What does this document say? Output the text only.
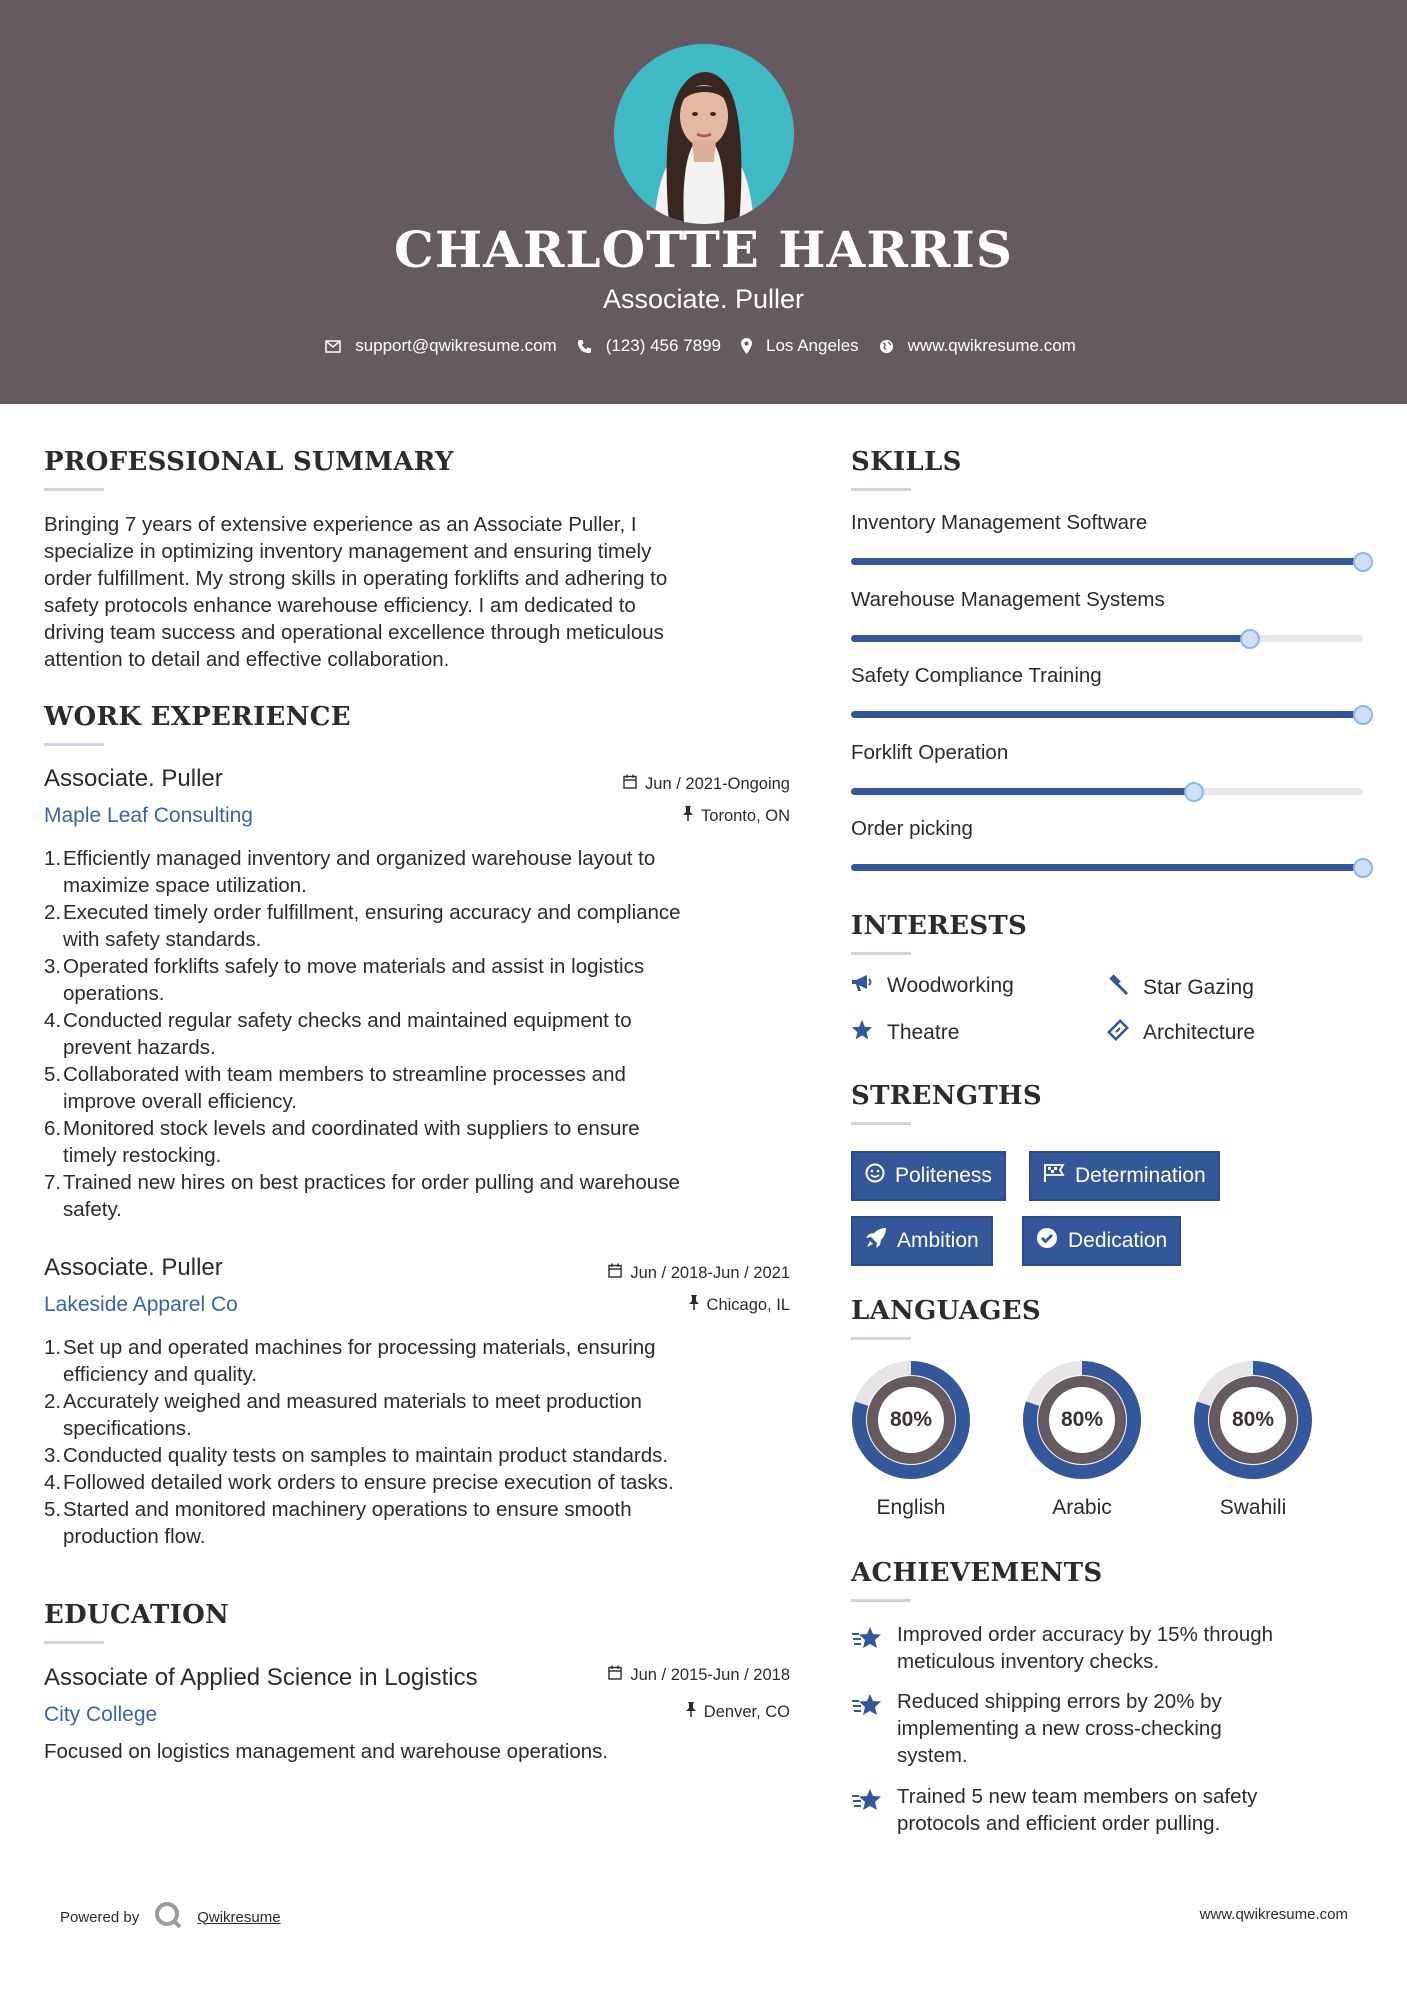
CHARLOTTE HARRIS
Associate. Puller
support@qwikresume.com	(123) 456 7899	Los Angeles	www.qwikresume.com
PROFESSIONAL SUMMARY
Bringing 7 years of extensive experience as an Associate Puller, I
specialize in optimizing inventory management and ensuring timely
order fulfillment. My strong skills in operating forklifts and adhering to
safety protocols enhance warehouse efficiency. I am dedicated to
driving team success and operational excellence through meticulous
attention to detail and effective collaboration.
WORK EXPERIENCE
Associate. Puller
Maple Leaf Consulting
Jun / 2021-Ongoing
Toronto, ON
1. Efficiently managed inventory and organized warehouse layout to
maximize space utilization.
2. Executed timely order fulfillment, ensuring accuracy and compliance
with safety standards.
3. Operated forklifts safely to move materials and assist in logistics
operations.
4. Conducted regular safety checks and maintained equipment to
prevent hazards.
5. Collaborated with team members to streamline processes and
improve overall efficiency.
6. Monitored stock levels and coordinated with suppliers to ensure
timely restocking.
7. Trained new hires on best practices for order pulling and warehouse
safety.
Associate. Puller
Lakeside Apparel Co
Jun / 2018-Jun / 2021
Chicago, IL
1. Set up and operated machines for processing materials, ensuring
efficiency and quality.
2. Accurately weighed and measured materials to meet production
specifications.
3. Conducted quality tests on samples to maintain product standards.
4. Followed detailed work orders to ensure precise execution of tasks.
5. Started and monitored machinery operations to ensure smooth
production flow.
EDUCATION
Associate of Applied Science in Logistics
City College
Jun / 2015-Jun / 2018
Denver, CO
Focused on logistics management and warehouse operations.
SKILLS
Inventory Management Software
Warehouse Management Systems
Safety Compliance Training
Forklift Operation
Order picking
INTERESTS
Woodworking	Star Gazing
Theatre	Architecture
STRENGTHS
Politeness	Determination
Ambition	Dedication
LANGUAGES
80%
English
80%
Arabic
80%
Swahili
ACHIEVEMENTS
Improved order accuracy by 15% through
meticulous inventory checks.
Reduced shipping errors by 20% by
implementing a new cross-checking
system.
Trained 5 new team members on safety
protocols and efficient order pulling.
Powered by	Qwikresume	www.qwikresume.com
